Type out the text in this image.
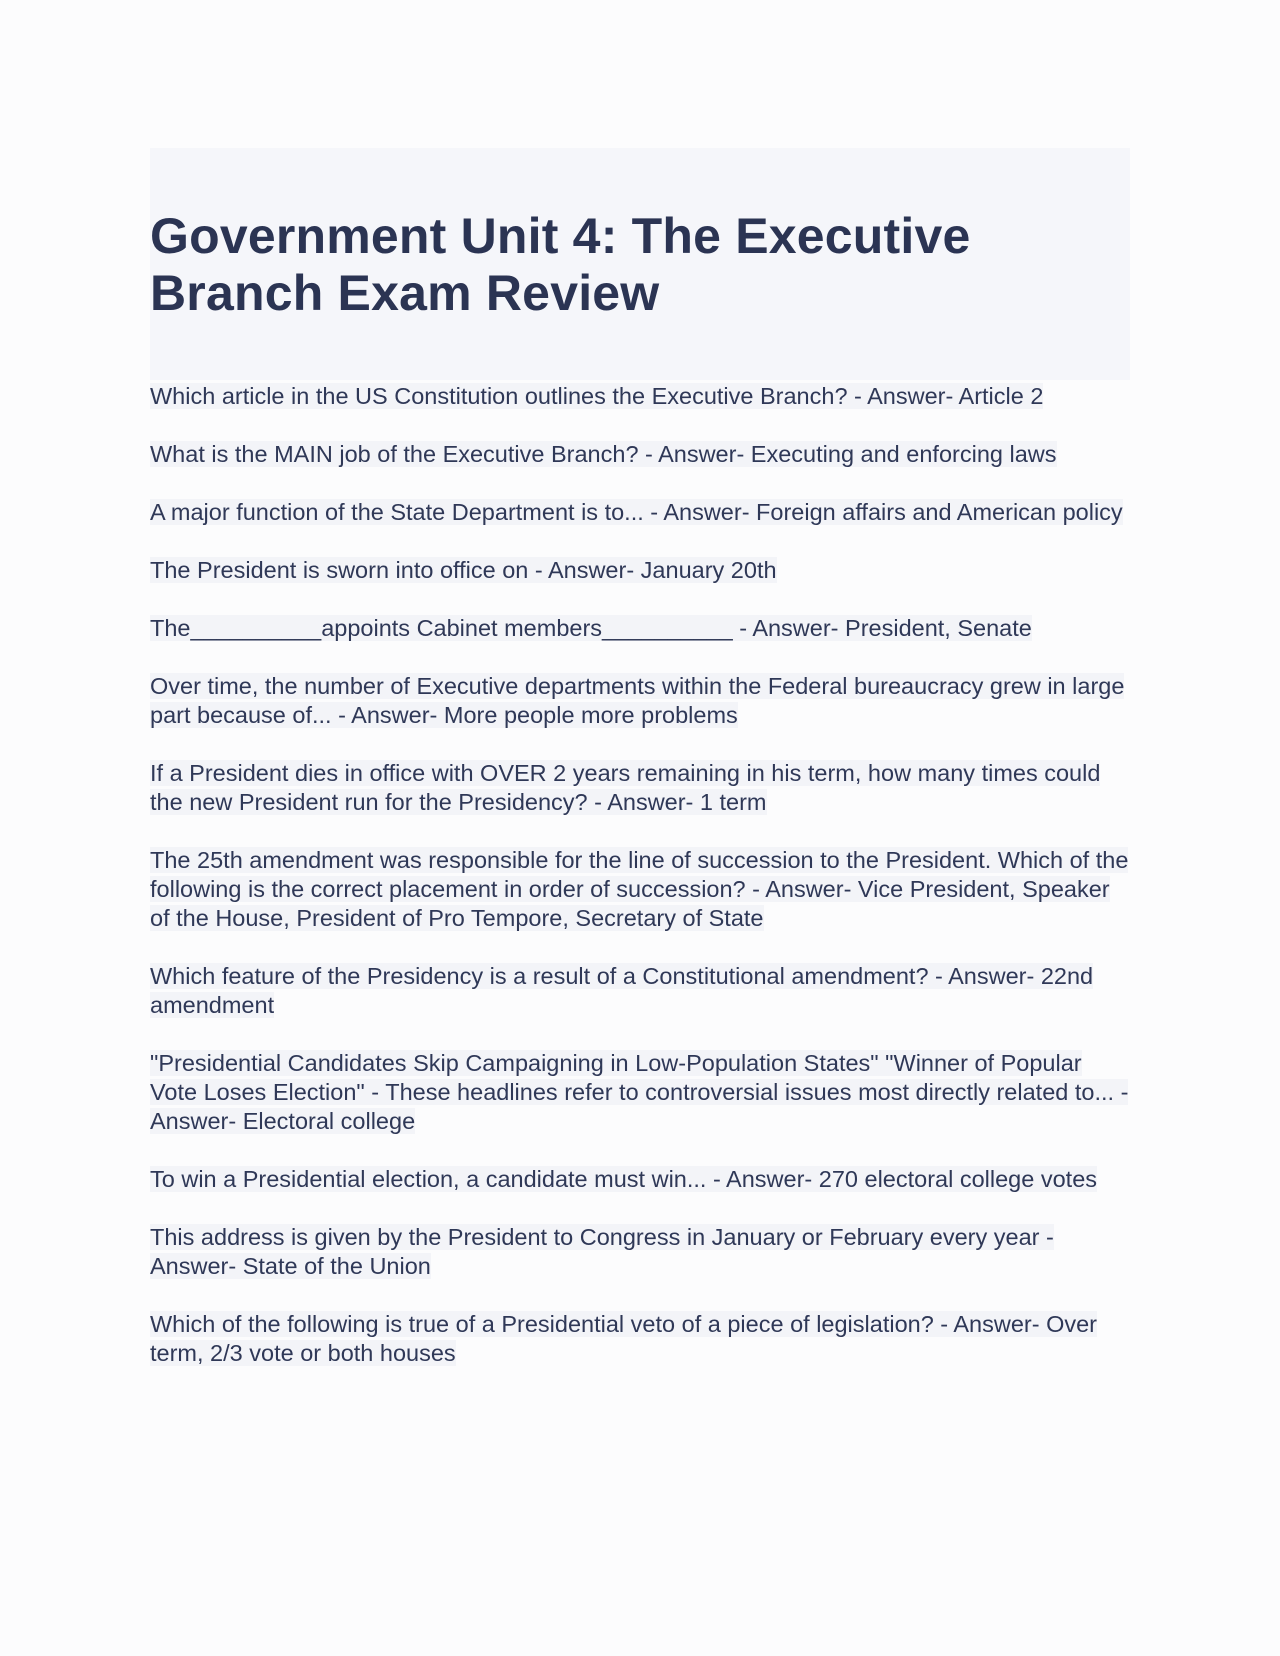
Government Unit 4: The Executive Branch Exam Review
Which article in the US Constitution outlines the Executive Branch? - Answer- Article 2
What is the MAIN job of the Executive Branch? - Answer- Executing and enforcing laws
A major function of the State Department is to... - Answer- Foreign affairs and American policy
The President is sworn into office on - Answer- January 20th
The__________appoints Cabinet members__________ - Answer- President, Senate
Over time, the number of Executive departments within the Federal bureaucracy grew in large part because of... - Answer- More people more problems
If a President dies in office with OVER 2 years remaining in his term, how many times could the new President run for the Presidency? - Answer- 1 term
The 25th amendment was responsible for the line of succession to the President. Which of the following is the correct placement in order of succession? - Answer- Vice President, Speaker of the House, President of Pro Tempore, Secretary of State
Which feature of the Presidency is a result of a Constitutional amendment? - Answer- 22nd amendment
"Presidential Candidates Skip Campaigning in Low-Population States" "Winner of Popular Vote Loses Election" - These headlines refer to controversial issues most directly related to... - Answer- Electoral college
To win a Presidential election, a candidate must win... - Answer- 270 electoral college votes
This address is given by the President to Congress in January or February every year - Answer- State of the Union
Which of the following is true of a Presidential veto of a piece of legislation? - Answer- Over term, 2/3 vote or both houses
